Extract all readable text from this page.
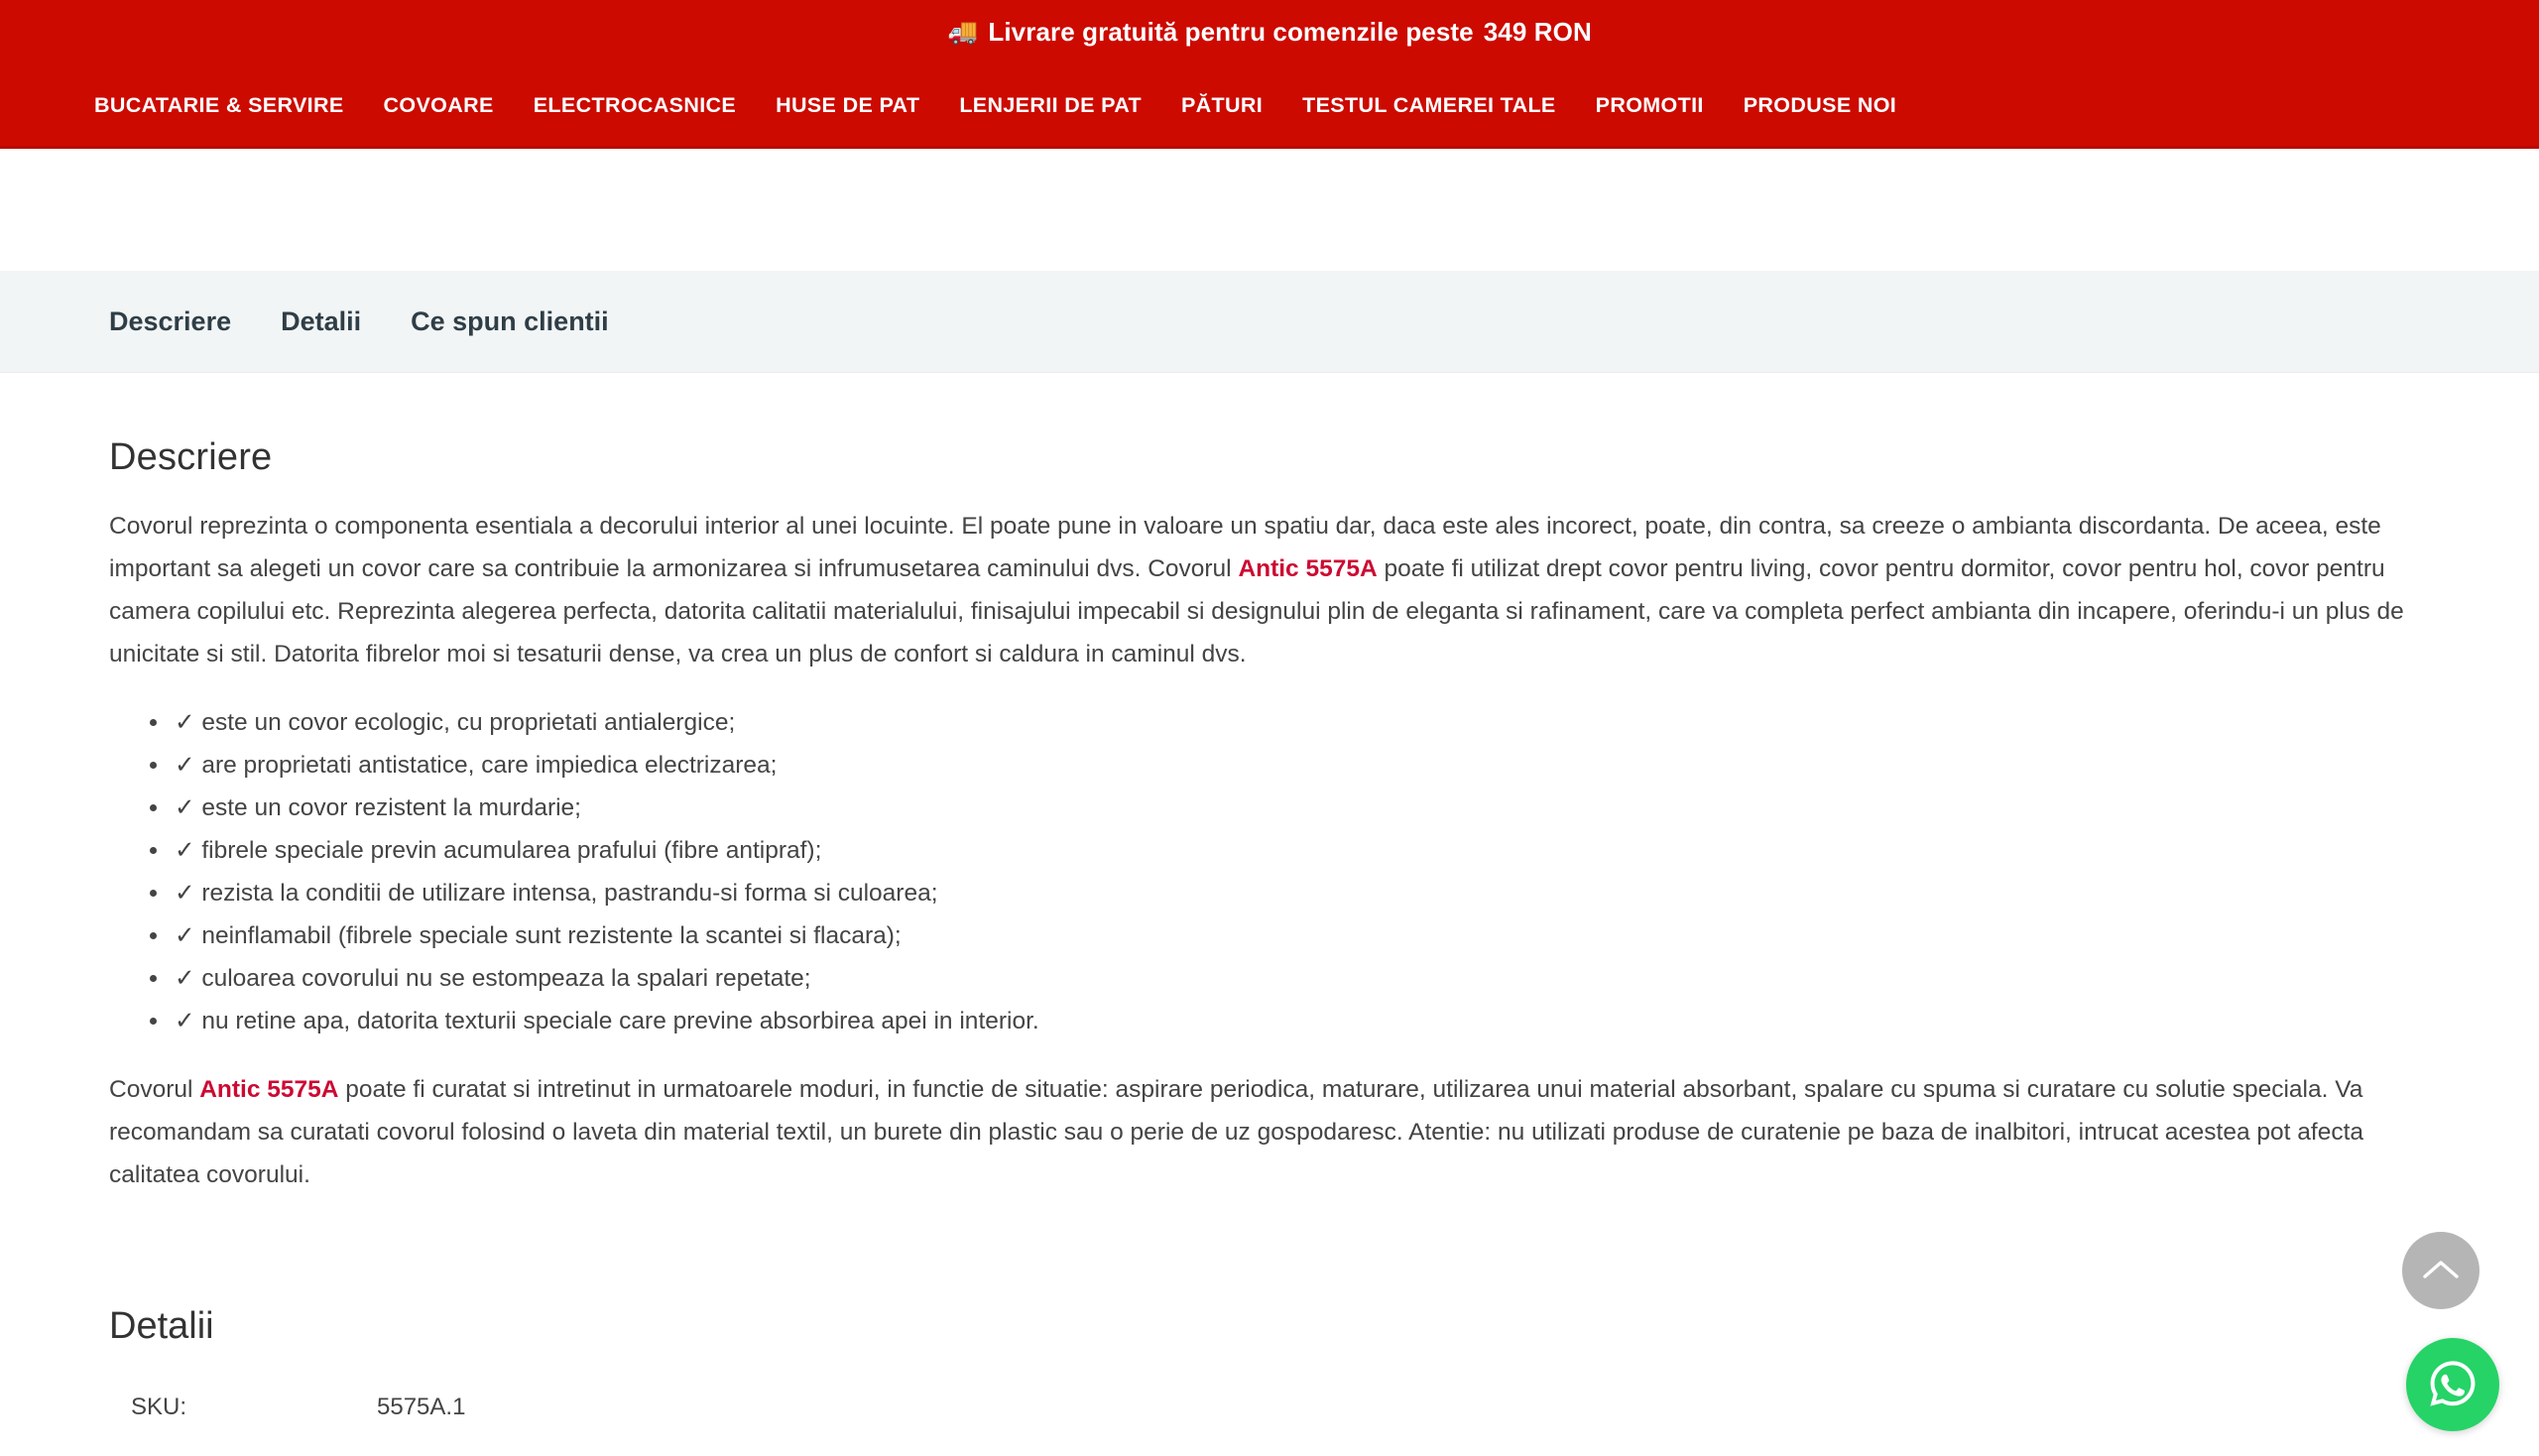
🚚 Livrare gratuită pentru comenzile peste 349 RON
BUCATARIE & SERVIRE	COVOARE	ELECTROCASNICE	HUSE DE PAT	LENJERII DE PAT	PĂTURI	TESTUL CAMEREI TALE	PROMOTII	PRODUSE NOI
Descriere	Detalii	Ce spun clientii
Descriere

Covorul reprezinta o componenta esentiala a decorului interior al unei locuinte. El poate pune in valoare un spatiu dar, daca este ales incorect, poate, din contra, sa creeze o ambianta discordanta. De aceea, este important sa alegeti un covor care sa contribuie la armonizarea si infrumusetarea caminului dvs. Covorul Antic 5575A poate fi utilizat drept covor pentru living, covor pentru dormitor, covor pentru hol, covor pentru camera copilului etc. Reprezinta alegerea perfecta, datorita calitatii materialului, finisajului impecabil si designului plin de eleganta si rafinament, care va completa perfect ambianta din incapere, oferindu-i un plus de unicitate si stil. Datorita fibrelor moi si tesaturii dense, va crea un plus de confort si caldura in caminul dvs.

• ✓ este un covor ecologic, cu proprietati antialergice;
• ✓ are proprietati antistatice, care impiedica electrizarea;
• ✓ este un covor rezistent la murdarie;
• ✓ fibrele speciale previn acumularea prafului (fibre antipraf);
• ✓ rezista la conditii de utilizare intensa, pastrandu-si forma si culoarea;
• ✓ neinflamabil (fibrele speciale sunt rezistente la scantei si flacara);
• ✓ culoarea covorului nu se estompeaza la spalari repetate;
• ✓ nu retine apa, datorita texturii speciale care previne absorbirea apei in interior.

Covorul Antic 5575A poate fi curatat si intretinut in urmatoarele moduri, in functie de situatie: aspirare periodica, maturare, utilizarea unui material absorbant, spalare cu spuma si curatare cu solutie speciala. Va recomandam sa curatati covorul folosind o laveta din material textil, un burete din plastic sau o perie de uz gospodaresc. Atentie: nu utilizati produse de curatenie pe baza de inalbitori, intrucat acestea pot afecta calitatea covorului.

Detalii
SKU:	5575A.1
